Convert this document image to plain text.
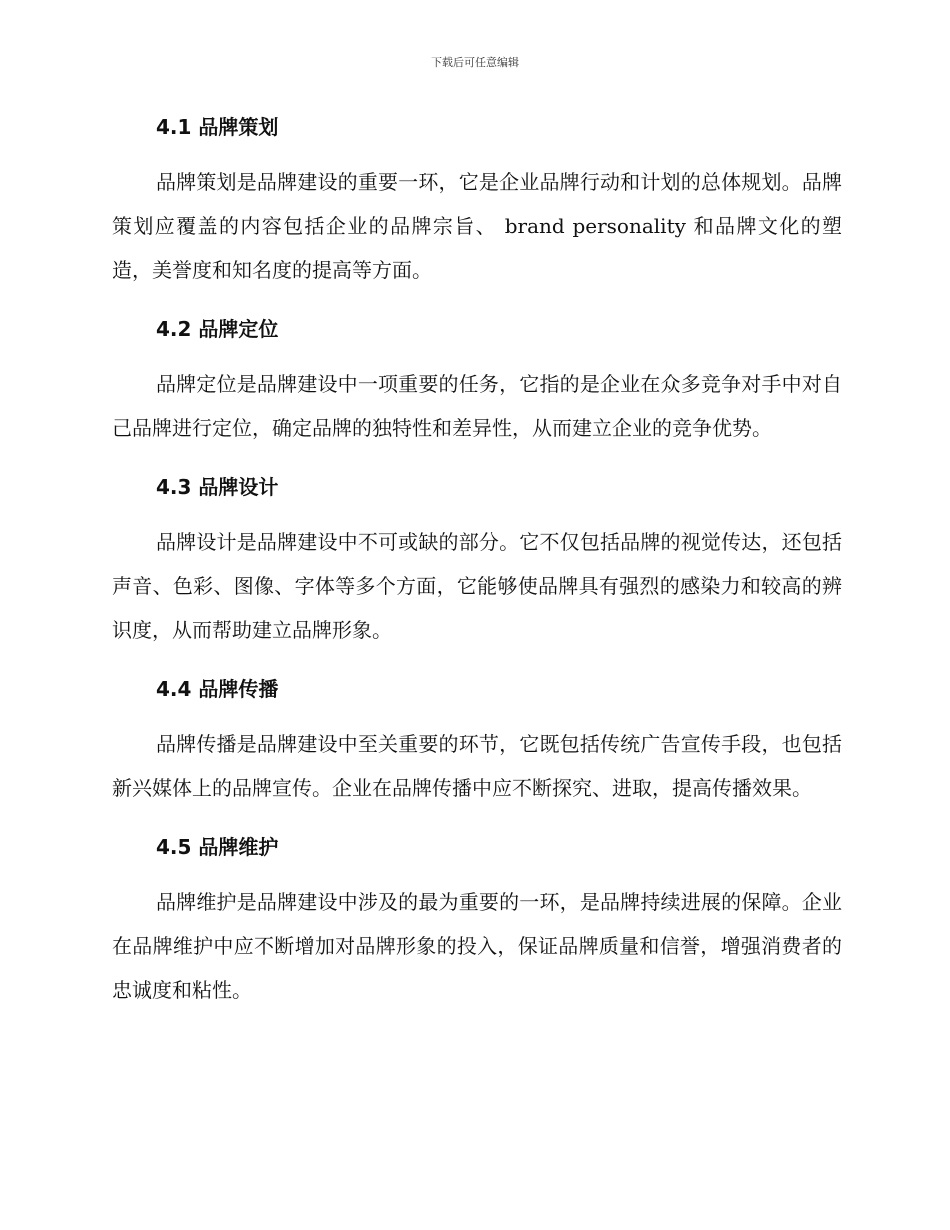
下载后可任意编辑
4.1 品牌策划

品牌策划是品牌建设的重要一环，它是企业品牌行动和计划的总体规划。品牌策划应覆盖的内容包括企业的品牌宗旨、 brand personality 和品牌文化的塑造，美誉度和知名度的提高等方面。

4.2 品牌定位

品牌定位是品牌建设中一项重要的任务，它指的是企业在众多竞争对手中对自己品牌进行定位，确定品牌的独特性和差异性，从而建立企业的竞争优势。

4.3 品牌设计

品牌设计是品牌建设中不可或缺的部分。它不仅包括品牌的视觉传达，还包括声音、色彩、图像、字体等多个方面，它能够使品牌具有强烈的感染力和较高的辨识度，从而帮助建立品牌形象。

4.4 品牌传播

品牌传播是品牌建设中至关重要的环节，它既包括传统广告宣传手段，也包括新兴媒体上的品牌宣传。企业在品牌传播中应不断探究、进取，提高传播效果。

4.5 品牌维护

品牌维护是品牌建设中涉及的最为重要的一环，是品牌持续进展的保障。企业在品牌维护中应不断增加对品牌形象的投入，保证品牌质量和信誉，增强消费者的忠诚度和粘性。
